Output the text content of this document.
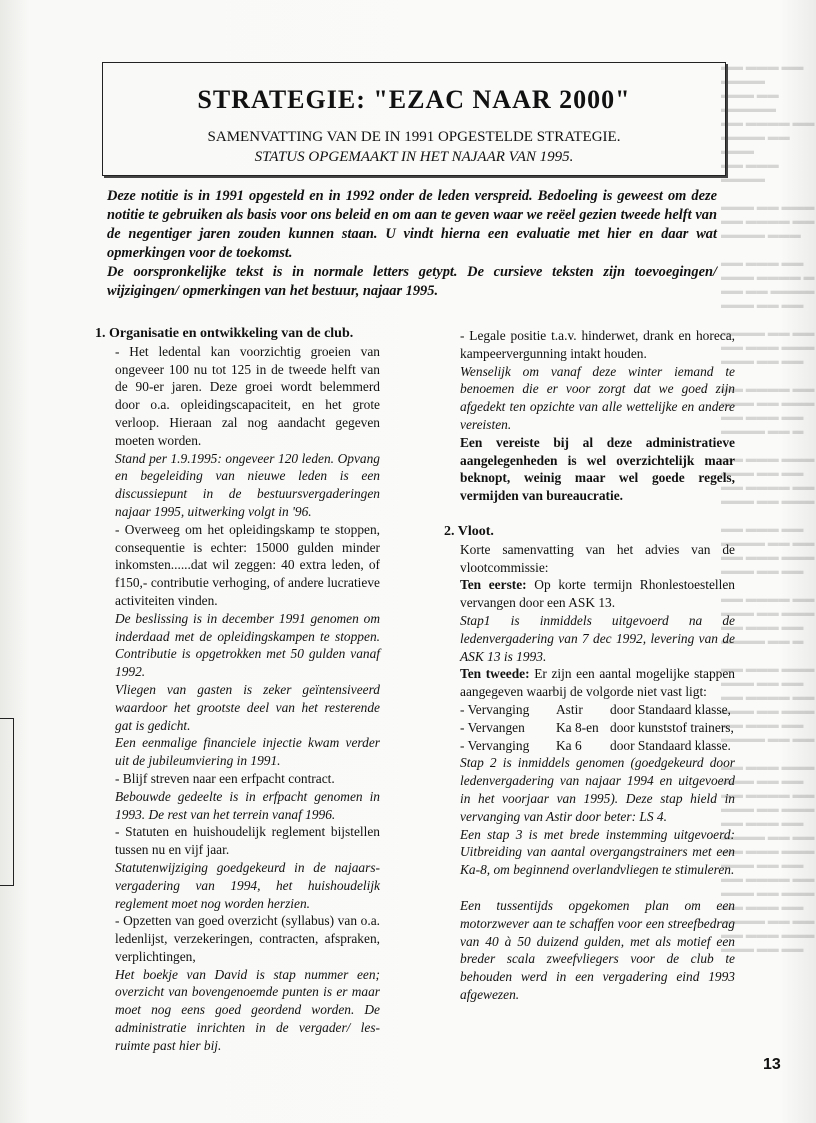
▬▬ ▬▬▬ ▬▬ ▬▬▬▬
▬▬▬ ▬▬ ▬▬▬▬▬
▬▬ ▬▬▬▬ ▬▬
▬▬▬▬ ▬▬ ▬▬▬
▬▬ ▬▬▬ ▬▬▬▬

▬▬▬ ▬▬ ▬▬▬
▬▬ ▬▬▬▬ ▬▬
▬▬▬▬ ▬▬▬

▬▬ ▬▬▬ ▬▬
▬▬▬ ▬▬▬▬ ▬
▬▬ ▬▬ ▬▬▬▬
▬▬▬ ▬▬ ▬▬

▬▬▬▬ ▬▬ ▬▬
▬▬ ▬▬▬ ▬▬▬
▬▬▬ ▬▬ ▬▬

▬▬ ▬▬▬▬ ▬▬
▬▬▬ ▬▬ ▬▬▬
▬▬ ▬▬▬ ▬▬
▬▬▬▬ ▬▬ ▬

▬▬ ▬▬▬ ▬▬▬
▬▬▬ ▬▬ ▬▬
▬▬ ▬▬▬▬ ▬▬
▬▬▬ ▬▬ ▬▬▬

▬▬ ▬▬▬ ▬▬
▬▬▬▬ ▬▬ ▬▬
▬▬ ▬▬▬ ▬▬▬
▬▬▬ ▬▬ ▬▬

▬▬ ▬▬▬▬ ▬▬
▬▬▬ ▬▬ ▬▬▬
▬▬ ▬▬▬ ▬▬
▬▬▬▬ ▬▬ ▬

▬▬ ▬▬▬ ▬▬▬
▬▬▬ ▬▬ ▬▬
▬▬ ▬▬▬▬ ▬▬
▬▬▬ ▬▬ ▬▬▬
▬▬ ▬▬▬ ▬▬
▬▬▬▬ ▬▬ ▬▬

▬▬ ▬▬▬ ▬▬▬
▬▬▬ ▬▬ ▬▬
▬▬ ▬▬▬▬ ▬▬
▬▬▬ ▬▬ ▬▬▬
▬▬ ▬▬▬ ▬▬
▬▬▬▬ ▬▬ ▬▬
▬▬ ▬▬▬ ▬▬▬
▬▬▬ ▬▬ ▬▬
▬▬ ▬▬▬▬ ▬▬
▬▬▬ ▬▬ ▬▬▬
▬▬ ▬▬▬ ▬▬
▬▬▬▬ ▬▬ ▬▬
▬▬ ▬▬▬ ▬▬▬
▬▬▬ ▬▬ ▬▬
STRATEGIE: "EZAC NAAR 2000"
SAMENVATTING VAN DE IN 1991 OPGESTELDE STRATEGIE.
STATUS OPGEMAAKT IN HET NAJAAR VAN 1995.

Deze notitie is in 1991 opgesteld en in 1992 onder de leden verspreid. Bedoeling is geweest om deze notitie te gebruiken als basis voor ons beleid en om aan te geven waar we reëel gezien tweede helft van de negentiger jaren zouden kunnen staan. U vindt hierna een evaluatie met hier en daar wat opmerkingen voor de toekomst.

De oorspronkelijke tekst is in normale letters getypt. De cursieve teksten zijn toevoegingen/ wijzigingen/ opmerkingen van het bestuur, najaar 1995.

1. Organisatie en ontwikkeling van de club.

- Het ledental kan voorzichtig groeien van ongeveer 100 nu tot 125 in de tweede helft van de 90-er jaren. Deze groei wordt belemmerd door o.a. opleidingscapaciteit, en het grote verloop. Hieraan zal nog aandacht gegeven moeten worden.

Stand per 1.9.1995: ongeveer 120 leden. Opvang en begeleiding van nieuwe leden is een discussiepunt in de bestuursvergaderingen najaar 1995, uitwerking volgt in '96.

- Overweeg om het opleidingskamp te stoppen, consequentie is echter: 15000 gulden minder inkomsten......dat wil zeggen: 40 extra leden, of f150,- contributie verhoging, of andere lucratieve activiteiten vinden.

De beslissing is in december 1991 genomen om inderdaad met de opleidingskampen te stoppen. Contributie is opgetrokken met 50 gulden vanaf 1992.

Vliegen van gasten is zeker geïntensiveerd waardoor het grootste deel van het resterende gat is gedicht.

Een eenmalige financiele injectie kwam verder uit de jubileumviering in 1991.

- Blijf streven naar een erfpacht contract.

Bebouwde gedeelte is in erfpacht genomen in 1993. De rest van het terrein vanaf 1996.

- Statuten en huishoudelijk reglement bijstellen tussen nu en vijf jaar.

Statutenwijziging goedgekeurd in de najaars-vergadering van 1994, het huishoudelijk reglement moet nog worden herzien.

- Opzetten van goed overzicht (syllabus) van o.a. ledenlijst, verzekeringen, contracten, afspraken, verplichtingen,

Het boekje van David is stap nummer een; overzicht van bovengenoemde punten is er maar moet nog eens goed geordend worden. De administratie inrichten in de vergader/ les-ruimte past hier bij.

- Legale positie t.a.v. hinderwet, drank en horeca, kampeervergunning intakt houden.

Wenselijk om vanaf deze winter iemand te benoemen die er voor zorgt dat we goed zijn afgedekt ten opzichte van alle wettelijke en andere vereisten.

Een vereiste bij al deze administratieve aangelegenheden is wel overzichtelijk maar beknopt, weinig maar wel goede regels, vermijden van bureaucratie.

2. Vloot.

Korte samenvatting van het advies van de vlootcommissie:

Ten eerste: Op korte termijn Rhonlestoestellen vervangen door een ASK 13.

Stap1 is inmiddels uitgevoerd na de ledenvergadering van 7 dec 1992, levering van de ASK 13 is 1993.

Ten tweede: Er zijn een aantal mogelijke stappen aangegeven waarbij de volgorde niet vast ligt:

- Vervanging	Astir	door Standaard klasse,
- Vervangen	Ka 8-en door kunststof trainers,
- Vervanging	Ka 6	door Standaard klasse.

Stap 2 is inmiddels genomen (goedgekeurd door ledenvergadering van najaar 1994 en uitgevoerd in het voorjaar van 1995). Deze stap hield in vervanging van Astir door beter: LS 4.

Een stap 3 is met brede instemming uitgevoerd: Uitbreiding van aantal overgangstrainers met een Ka-8, om beginnend overlandvliegen te stimuleren.

Een tussentijds opgekomen plan om een motorzwever aan te schaffen voor een streefbedrag van 40 à 50 duizend gulden, met als motief een breder scala zweefvliegers voor de club te behouden werd in een vergadering eind 1993 afgewezen.

13
